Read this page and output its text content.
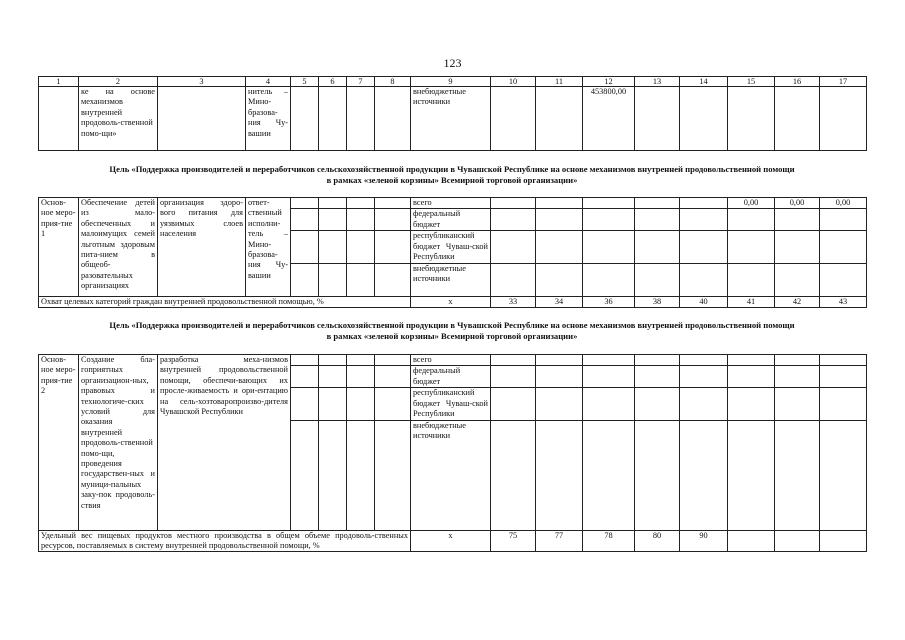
123
1	2	3	4	5	6	7	8	9	10	11	12	13	14	15	16	17
	ке на основе механизмов внутренней продоволь-ственной помо-щи»		нитель – Мино-бразова-ния Чу-вашии					внебюджетные источники			453800,00					
Цель «Поддержка производителей и переработчиков сельскохозяйственной продукции в Чувашской Республике на основе механизмов внутренней продовольственной помощи
в рамках «зеленой корзины» Всемирной торговой организации»
Основ-ное меро-прия-тие 1	Обеспечение детей из мало-обеспеченных и малоимущих семей льготным здоровым пита-нием в общеоб-разовательных организациях	организация здоро-вого питания для уязвимых слоев населения	ответ-ственный исполни-тель – Мино-бразова-ния Чу-вашии					всего						0,00	0,00	0,00
								федеральный бюджет								
								республиканский бюджет Чуваш-ской Республики								
								внебюджетные источники								
Охват целевых категорий граждан внутренней продовольственной помощью, %								х	33	34	36	38	40	41	42	43
Цель «Поддержка производителей и переработчиков сельскохозяйственной продукции в Чувашской Республике на основе механизмов внутренней продовольственной помощи
в рамках «зеленой корзины» Всемирной торговой организации»
Основ-ное меро-прия-тие 2	Создание бла-гоприятных организацион-ных, правовых и технологиче-ских условий для оказания внутренней продоволь-ственной помо-щи, проведения государствен-ных и муници-пальных заку-пок продоволь-ствия	разработка меха-низмов внутренней продовольственной помощи, обеспечи-вающих их просле-живаемость и ори-ентацию на сель-хозтоваропроизво-дителя Чувашской Республики					всего								
							федеральный бюджет								
							республиканский бюджет Чуваш-ской Республики								
							внебюджетные источники								
Удельный вес пищевых продуктов местного производства в общем объеме продоволь-ственных ресурсов, поставляемых в систему внутренней продовольственной помощи, %							х	75	77	78	80	90			
